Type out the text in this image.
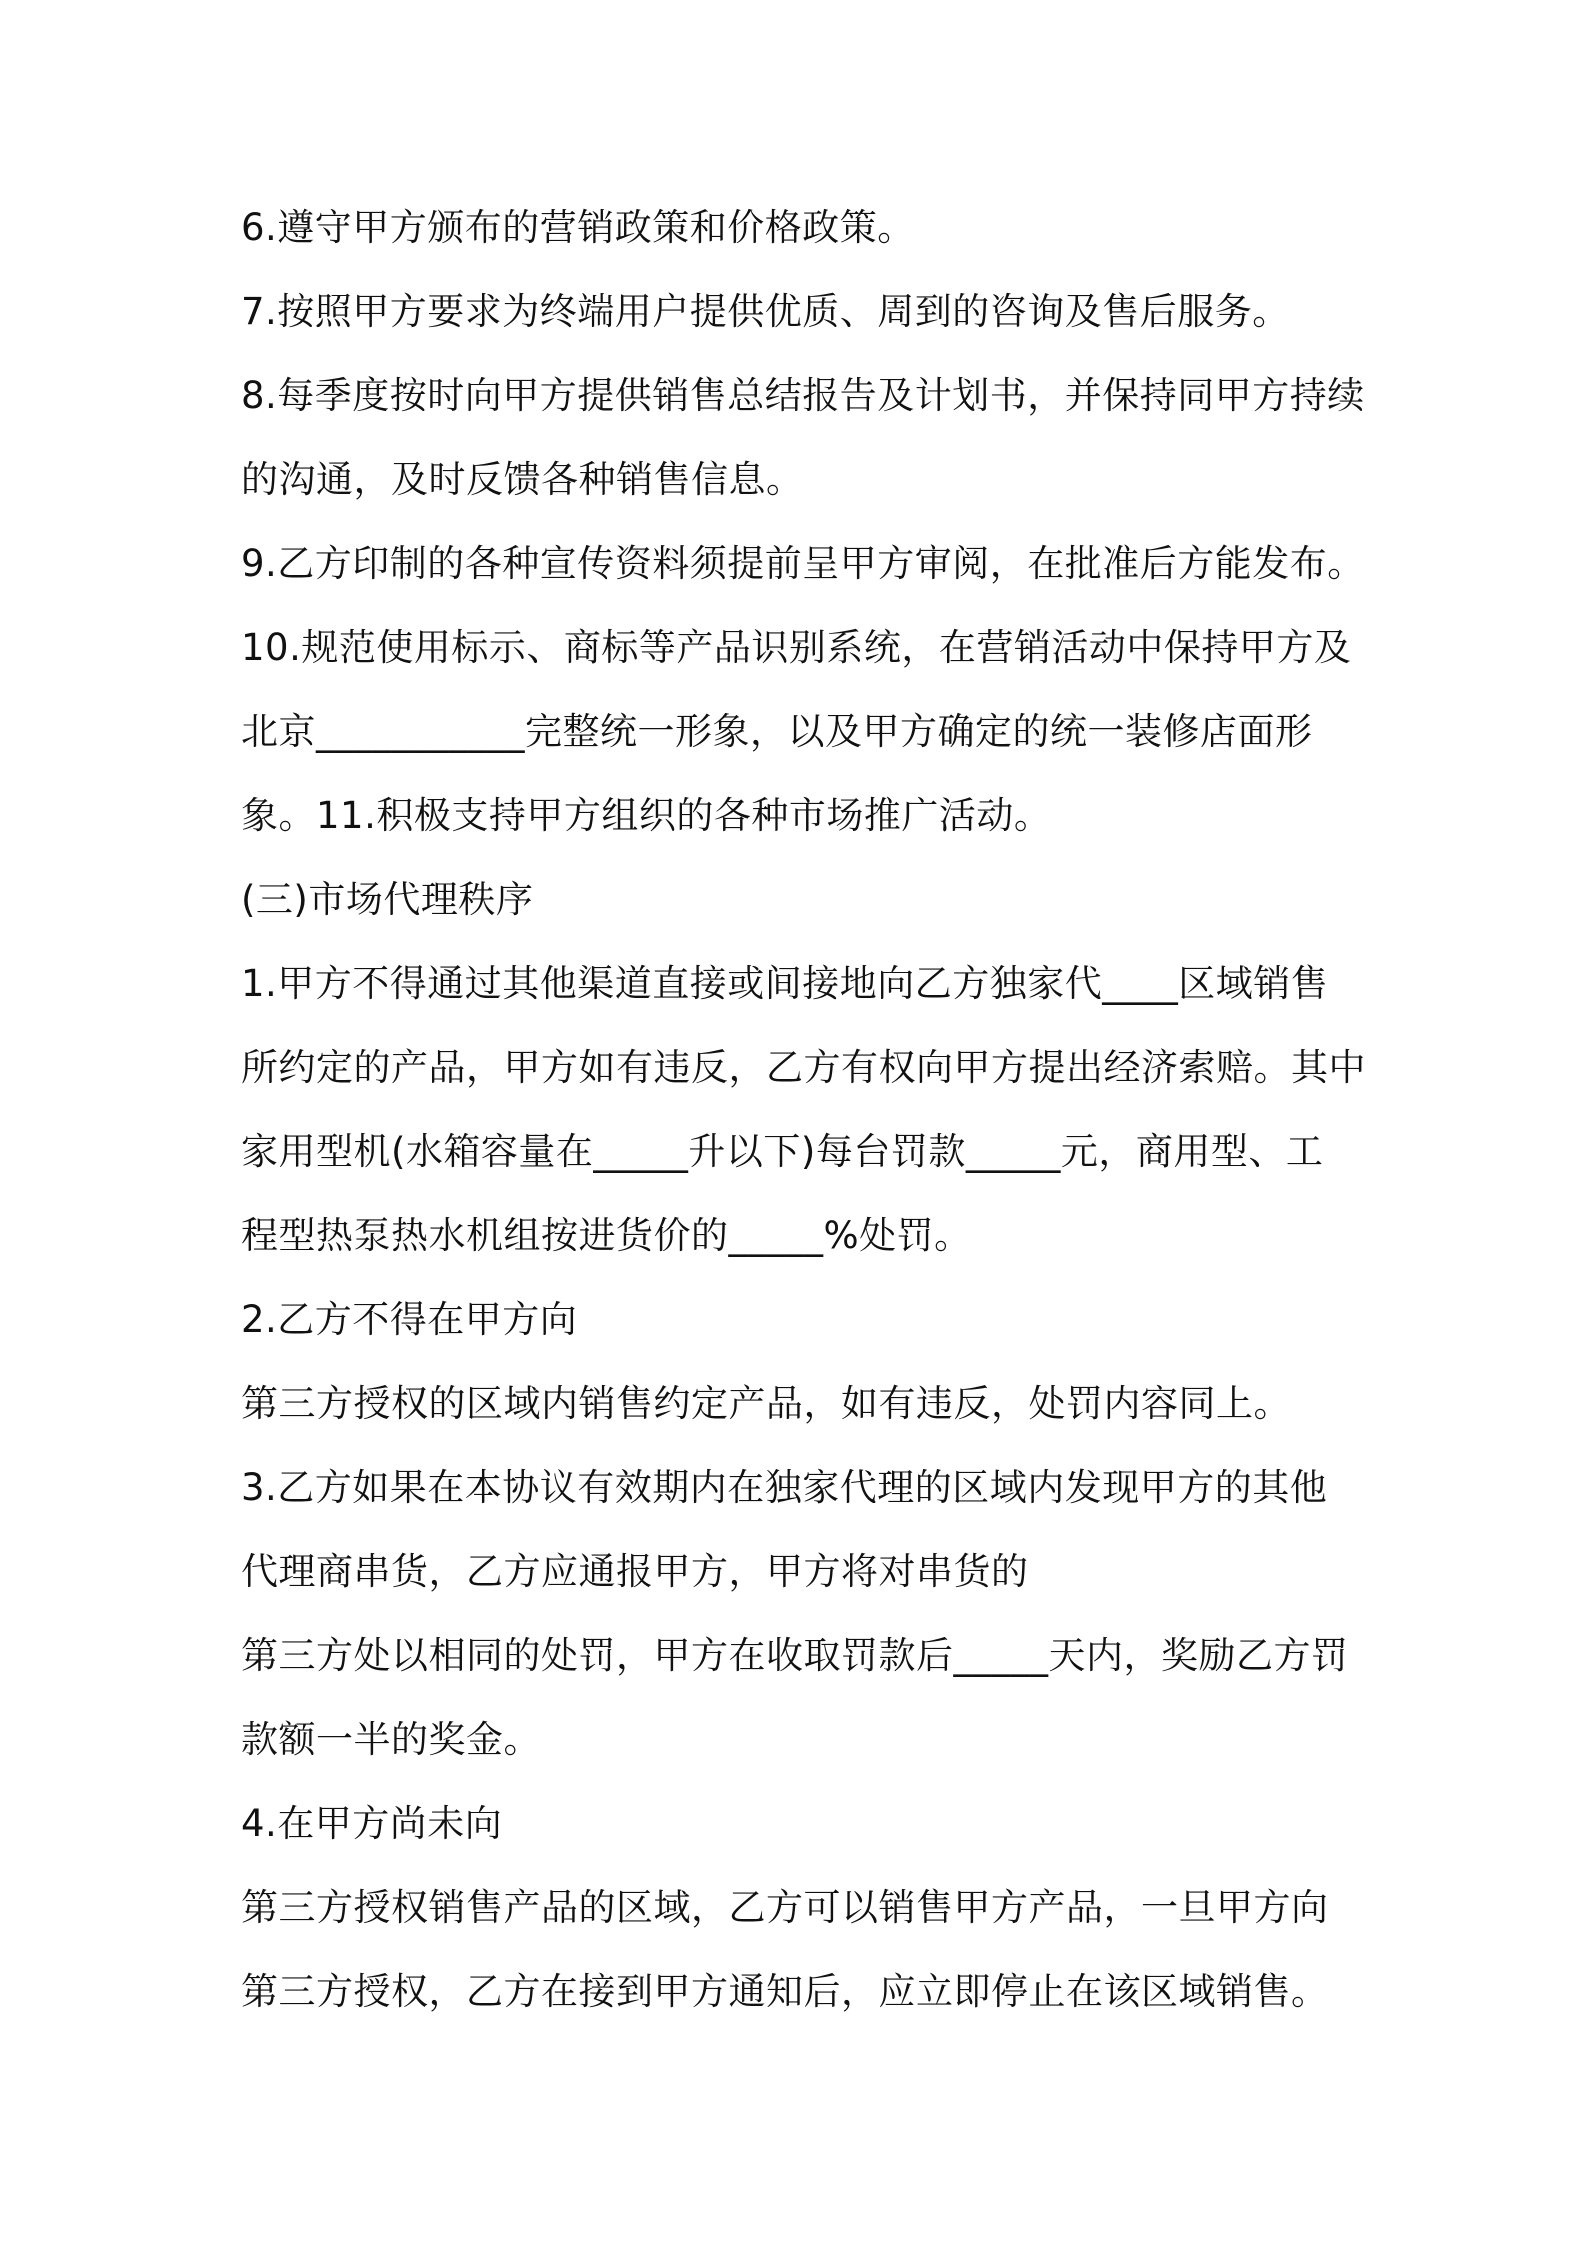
6.遵守甲方颁布的营销政策和价格政策。
7.按照甲方要求为终端用户提供优质、周到的咨询及售后服务。
8.每季度按时向甲方提供销售总结报告及计划书，并保持同甲方持续
的沟通，及时反馈各种销售信息。
9.乙方印制的各种宣传资料须提前呈甲方审阅，在批准后方能发布。
10.规范使用标示、商标等产品识别系统，在营销活动中保持甲方及
北京___________完整统一形象，以及甲方确定的统一装修店面形
象。11.积极支持甲方组织的各种市场推广活动。
(三)市场代理秩序
1.甲方不得通过其他渠道直接或间接地向乙方独家代____区域销售
所约定的产品，甲方如有违反，乙方有权向甲方提出经济索赔。其中
家用型机(水箱容量在_____升以下)每台罚款_____元，商用型、工
程型热泵热水机组按进货价的_____%处罚。
2.乙方不得在甲方向
第三方授权的区域内销售约定产品，如有违反，处罚内容同上。
3.乙方如果在本协议有效期内在独家代理的区域内发现甲方的其他
代理商串货，乙方应通报甲方，甲方将对串货的
第三方处以相同的处罚，甲方在收取罚款后_____天内，奖励乙方罚
款额一半的奖金。
4.在甲方尚未向
第三方授权销售产品的区域，乙方可以销售甲方产品，一旦甲方向
第三方授权，乙方在接到甲方通知后，应立即停止在该区域销售。
